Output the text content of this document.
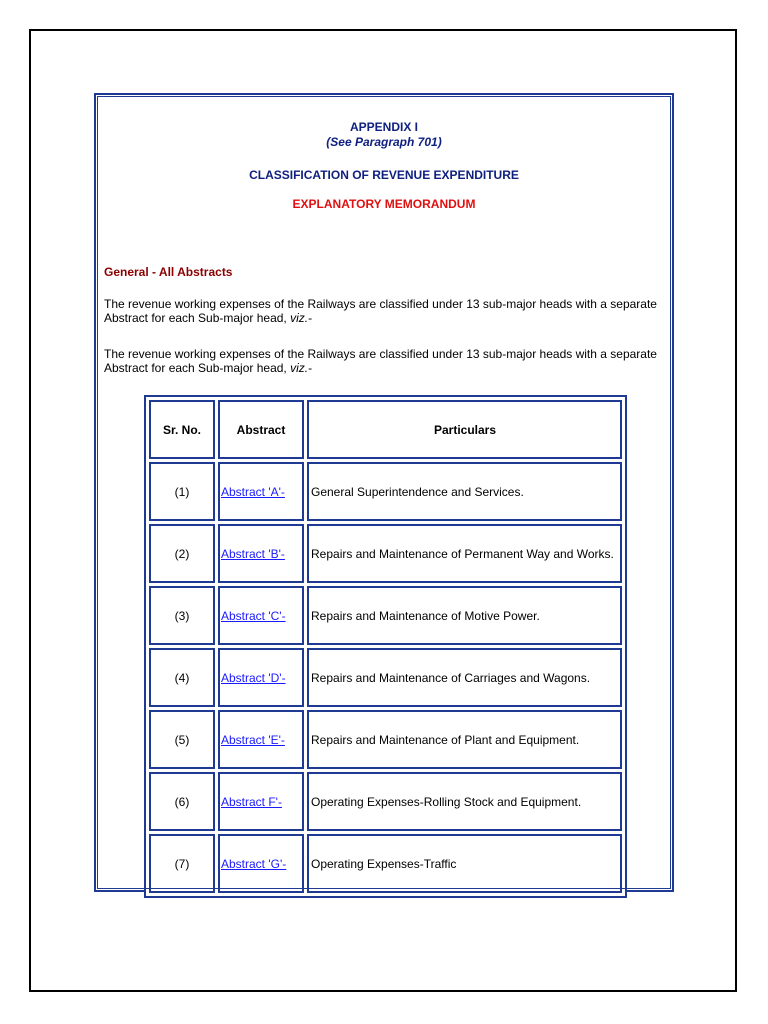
APPENDIX I
(See Paragraph 701)
CLASSIFICATION OF REVENUE EXPENDITURE
EXPLANATORY MEMORANDUM
General - All Abstracts
The revenue working expenses of the Railways are classified under 13 sub-major heads with a separate Abstract for each Sub-major head, viz.-
The revenue working expenses of the Railways are classified under 13 sub-major heads with a separate Abstract for each Sub-major head, viz.-
Sr. No.	Abstract	Particulars
(1)	Abstract 'A'-	General Superintendence and Services.
(2)	Abstract 'B'-	Repairs and Maintenance of Permanent Way and Works.
(3)	Abstract 'C'-	Repairs and Maintenance of Motive Power.
(4)	Abstract 'D'-	Repairs and Maintenance of Carriages and Wagons.
(5)	Abstract 'E'-	Repairs and Maintenance of Plant and Equipment.
(6)	Abstract F'-	Operating Expenses-Rolling Stock and Equipment.
(7)	Abstract 'G'-	Operating Expenses-Traffic
